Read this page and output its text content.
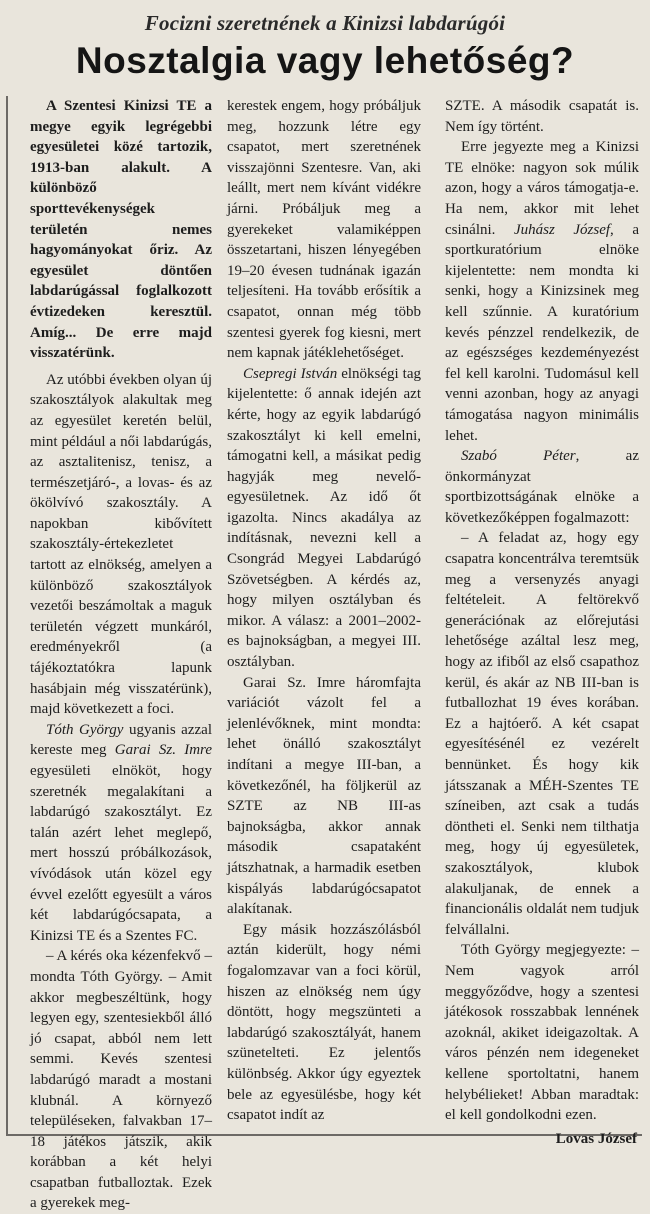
Focizni szeretnének a Kinizsi labdarúgói
Nosztalgia vagy lehetőség?

A Szentesi Kinizsi TE a megye egyik legrégebbi egyesületei közé tartozik, 1913-ban alakult. A különböző sporttevékenységek területén nemes hagyományokat őriz. Az egyesület döntően labdarúgással foglalkozott évtizedeken keresztül. Amíg... De erre majd visszatérünk.

Az utóbbi években olyan új szakosztályok alakultak meg az egyesület keretén belül, mint például a női labdarúgás, az asztalitenisz, tenisz, a természetjáró-, a lovas- és az ökölvívó szakosztály. A napokban kibővített szakosztály-értekezletet tartott az elnökség, amelyen a különböző szakosztályok vezetői beszámoltak a maguk területén végzett munkáról, eredményekről (a tájékoztatókra lapunk hasábjain még visszatérünk), majd következett a foci.

Tóth György ugyanis azzal kereste meg Garai Sz. Imre egyesületi elnököt, hogy szeretnék megalakítani a labdarúgó szakosztályt. Ez talán azért lehet meglepő, mert hosszú próbálkozások, vívódások után közel egy évvel ezelőtt egyesült a város két labdarúgócsapata, a Kinizsi TE és a Szentes FC.

– A kérés oka kézenfekvő – mondta Tóth György. – Amit akkor megbeszéltünk, hogy legyen egy, szentesiekből álló jó csapat, abból nem lett semmi. Kevés szentesi labdarúgó maradt a mostani klubnál. A környező településeken, falvakban 17–18 játékos játszik, akik korábban a két helyi csapatban futballoztak. Ezek a gyerekek meg-

kerestek engem, hogy próbáljuk meg, hozzunk létre egy csapatot, mert szeretnének visszajönni Szentesre. Van, aki leállt, mert nem kívánt vidékre járni. Próbáljuk meg a gyerekeket valamiképpen összetartani, hiszen lényegében 19–20 évesen tudnának igazán teljesíteni. Ha tovább erősítik a csapatot, onnan még több szentesi gyerek fog kiesni, mert nem kapnak játéklehetőséget.

Csepregi István elnökségi tag kijelentette: ő annak idején azt kérte, hogy az egyik labdarúgó szakosztályt ki kell emelni, támogatni kell, a másikat pedig hagyják meg nevelő-egyesületnek. Az idő őt igazolta. Nincs akadálya az indításnak, nevezni kell a Csongrád Megyei Labdarúgó Szövetségben. A kérdés az, hogy milyen osztályban és mikor. A válasz: a 2001–2002-es bajnokságban, a megyei III. osztályban.

Garai Sz. Imre háromfajta variációt vázolt fel a jelenlévőknek, mint mondta: lehet önálló szakosztályt indítani a megye III-ban, a következőnél, ha följkerül az SZTE az NB III-as bajnokságba, akkor annak második csapataként játszhatnak, a harmadik esetben kispályás labdarúgócsapatot alakítanak.

Egy másik hozzászólásból aztán kiderült, hogy némi fogalomzavar van a foci körül, hiszen az elnökség nem úgy döntött, hogy megszünteti a labdarúgó szakosztályát, hanem szünetelteti. Ez jelentős különbség. Akkor úgy egyeztek bele az egyesülésbe, hogy két csapatot indít az

SZTE. A második csapatát is. Nem így történt.

Erre jegyezte meg a Kinizsi TE elnöke: nagyon sok múlik azon, hogy a város támogatja-e. Ha nem, akkor mit lehet csinálni. Juhász József, a sportkuratórium elnöke kijelentette: nem mondta ki senki, hogy a Kinizsinek meg kell szűnnie. A kuratórium kevés pénzzel rendelkezik, de az egészséges kezdeményezést fel kell karolni. Tudomásul kell venni azonban, hogy az anyagi támogatása nagyon minimális lehet.

Szabó Péter, az önkormányzat sportbizottságának elnöke a következőképpen fogalmazott:

– A feladat az, hogy egy csapatra koncentrálva teremtsük meg a versenyzés anyagi feltételeit. A feltörekvő generációnak az előrejutási lehetősége azáltal lesz meg, hogy az ifiből az első csapathoz kerül, és akár az NB III-ban is futballozhat 19 éves korában. Ez a hajtóerő. A két csapat egyesítésénél ez vezérelt bennünket. És hogy kik játsszanak a MÉH-Szentes TE színeiben, azt csak a tudás döntheti el. Senki nem tilthatja meg, hogy új egyesületek, szakosztályok, klubok alakuljanak, de ennek a financionális oldalát nem tudjuk felvállalni.

Tóth György megjegyezte: – Nem vagyok arról meggyőződve, hogy a szentesi játékosok rosszabbak lennének azoknál, akiket ideigazoltak. A város pénzén nem idegeneket kellene sportoltatni, hanem helybélieket! Abban maradtak: el kell gondolkodni ezen.

Lovas József
